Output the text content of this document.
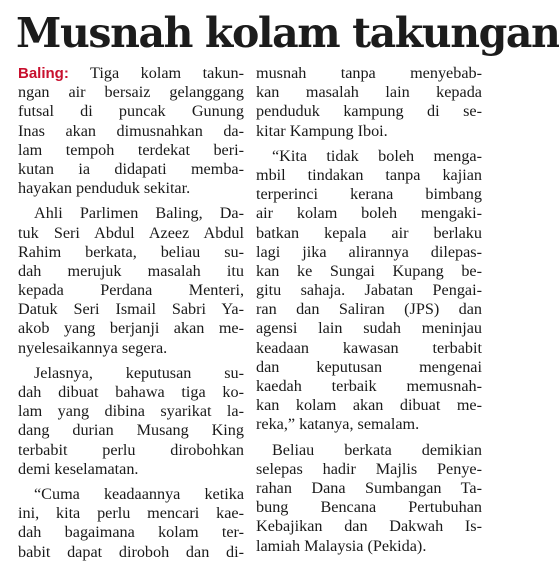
Musnah kolam takungan
Baling: Tiga kolam takun-
ngan air bersaiz gelanggang
futsal di puncak Gunung
Inas akan dimusnahkan da-
lam tempoh terdekat beri-
kutan ia didapati memba-
hayakan penduduk sekitar.
Ahli Parlimen Baling, Da-
tuk Seri Abdul Azeez Abdul
Rahim berkata, beliau su-
dah merujuk masalah itu
kepada Perdana Menteri,
Datuk Seri Ismail Sabri Ya-
akob yang berjanji akan me-
nyelesaikannya segera.
Jelasnya, keputusan su-
dah dibuat bahawa tiga ko-
lam yang dibina syarikat la-
dang durian Musang King
terbabit perlu dirobohkan
demi keselamatan.
“Cuma keadaannya ketika
ini, kita perlu mencari kae-
dah bagaimana kolam ter-
babit dapat diroboh dan di-
musnah tanpa menyebab-
kan masalah lain kepada
penduduk kampung di se-
kitar Kampung Iboi.
“Kita tidak boleh menga-
mbil tindakan tanpa kajian
terperinci kerana bimbang
air kolam boleh mengaki-
batkan kepala air berlaku
lagi jika alirannya dilepas-
kan ke Sungai Kupang be-
gitu sahaja. Jabatan Pengai-
ran dan Saliran (JPS) dan
agensi lain sudah meninjau
keadaan kawasan terbabit
dan keputusan mengenai
kaedah terbaik memusnah-
kan kolam akan dibuat me-
reka,” katanya, semalam.
Beliau berkata demikian
selepas hadir Majlis Penye-
rahan Dana Sumbangan Ta-
bung Bencana Pertubuhan
Kebajikan dan Dakwah Is-
lamiah Malaysia (Pekida).
